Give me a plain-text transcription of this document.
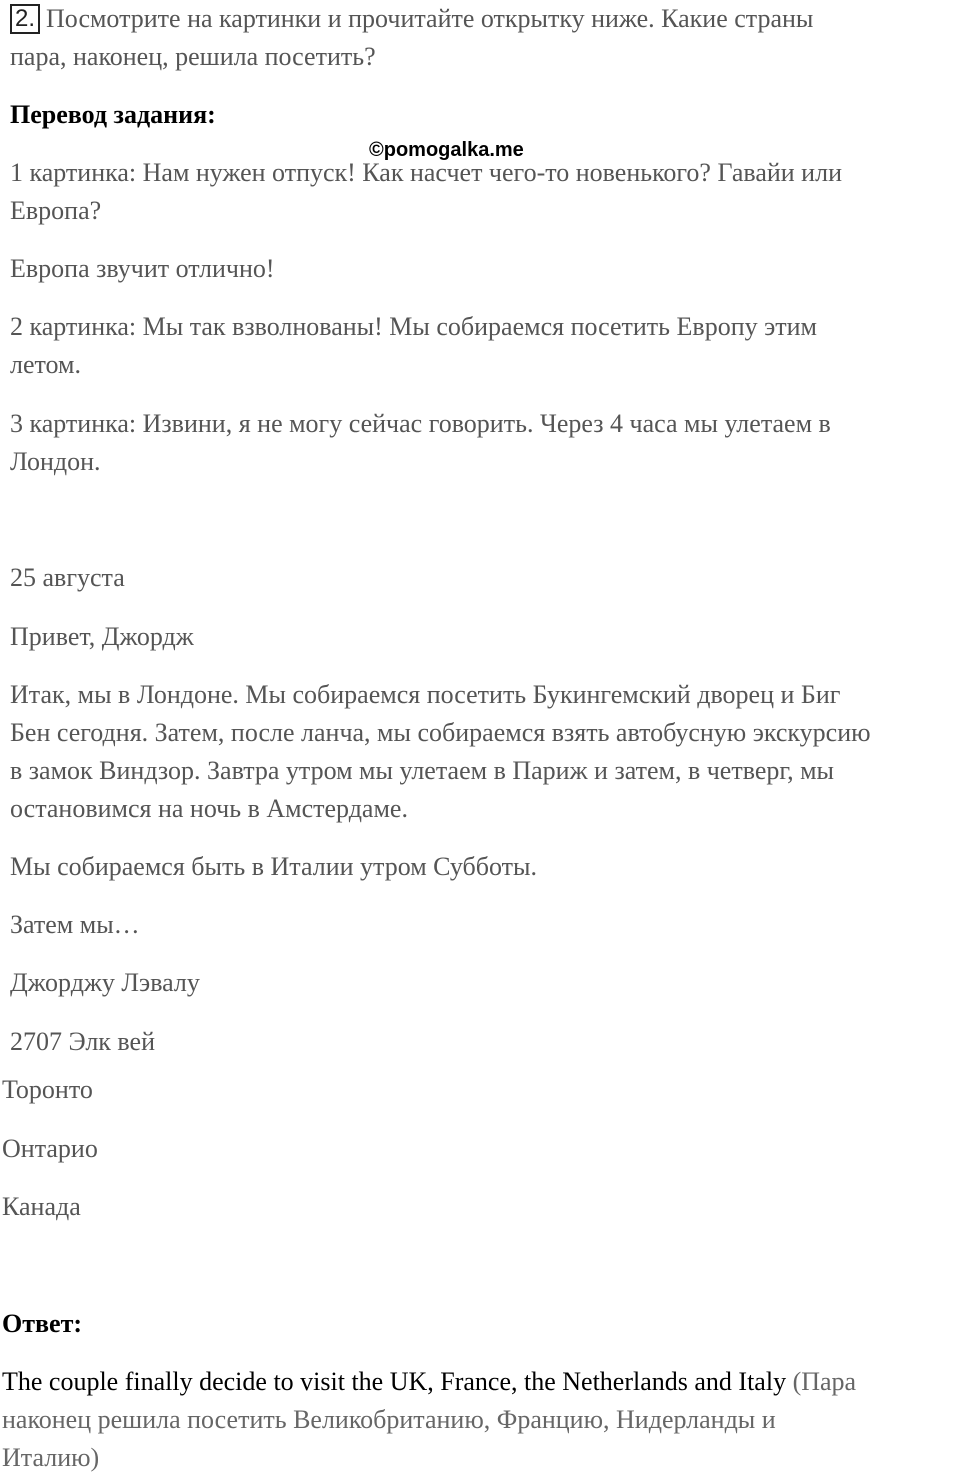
2. Посмотрите на картинки и прочитайте открытку ниже. Какие страны
пара, наконец, решила посетить?
Перевод задания:
©pomogalka.me
1 картинка: Нам нужен отпуск! Как насчет чего-то новенького? Гавайи или
Европа?
Европа звучит отлично!
2 картинка: Мы так взволнованы! Мы собираемся посетить Европу этим
летом.
3 картинка: Извини, я не могу сейчас говорить. Через 4 часа мы улетаем в
Лондон.
25 августа
Привет, Джордж
Итак, мы в Лондоне. Мы собираемся посетить Букингемский дворец и Биг
Бен сегодня. Затем, после ланча, мы собираемся взять автобусную экскурсию
в замок Виндзор. Завтра утром мы улетаем в Париж и затем, в четверг, мы
остановимся на ночь в Амстердаме.
Мы собираемся быть в Италии утром Субботы.
Затем мы…
Джорджу Лэвалу
2707 Элк вей
Торонто
Онтарио
Канада
Ответ:
The couple finally decide to visit the UK, France, the Netherlands and Italy (Пара
наконец решила посетить Великобританию, Францию, Нидерланды и
Италию)
